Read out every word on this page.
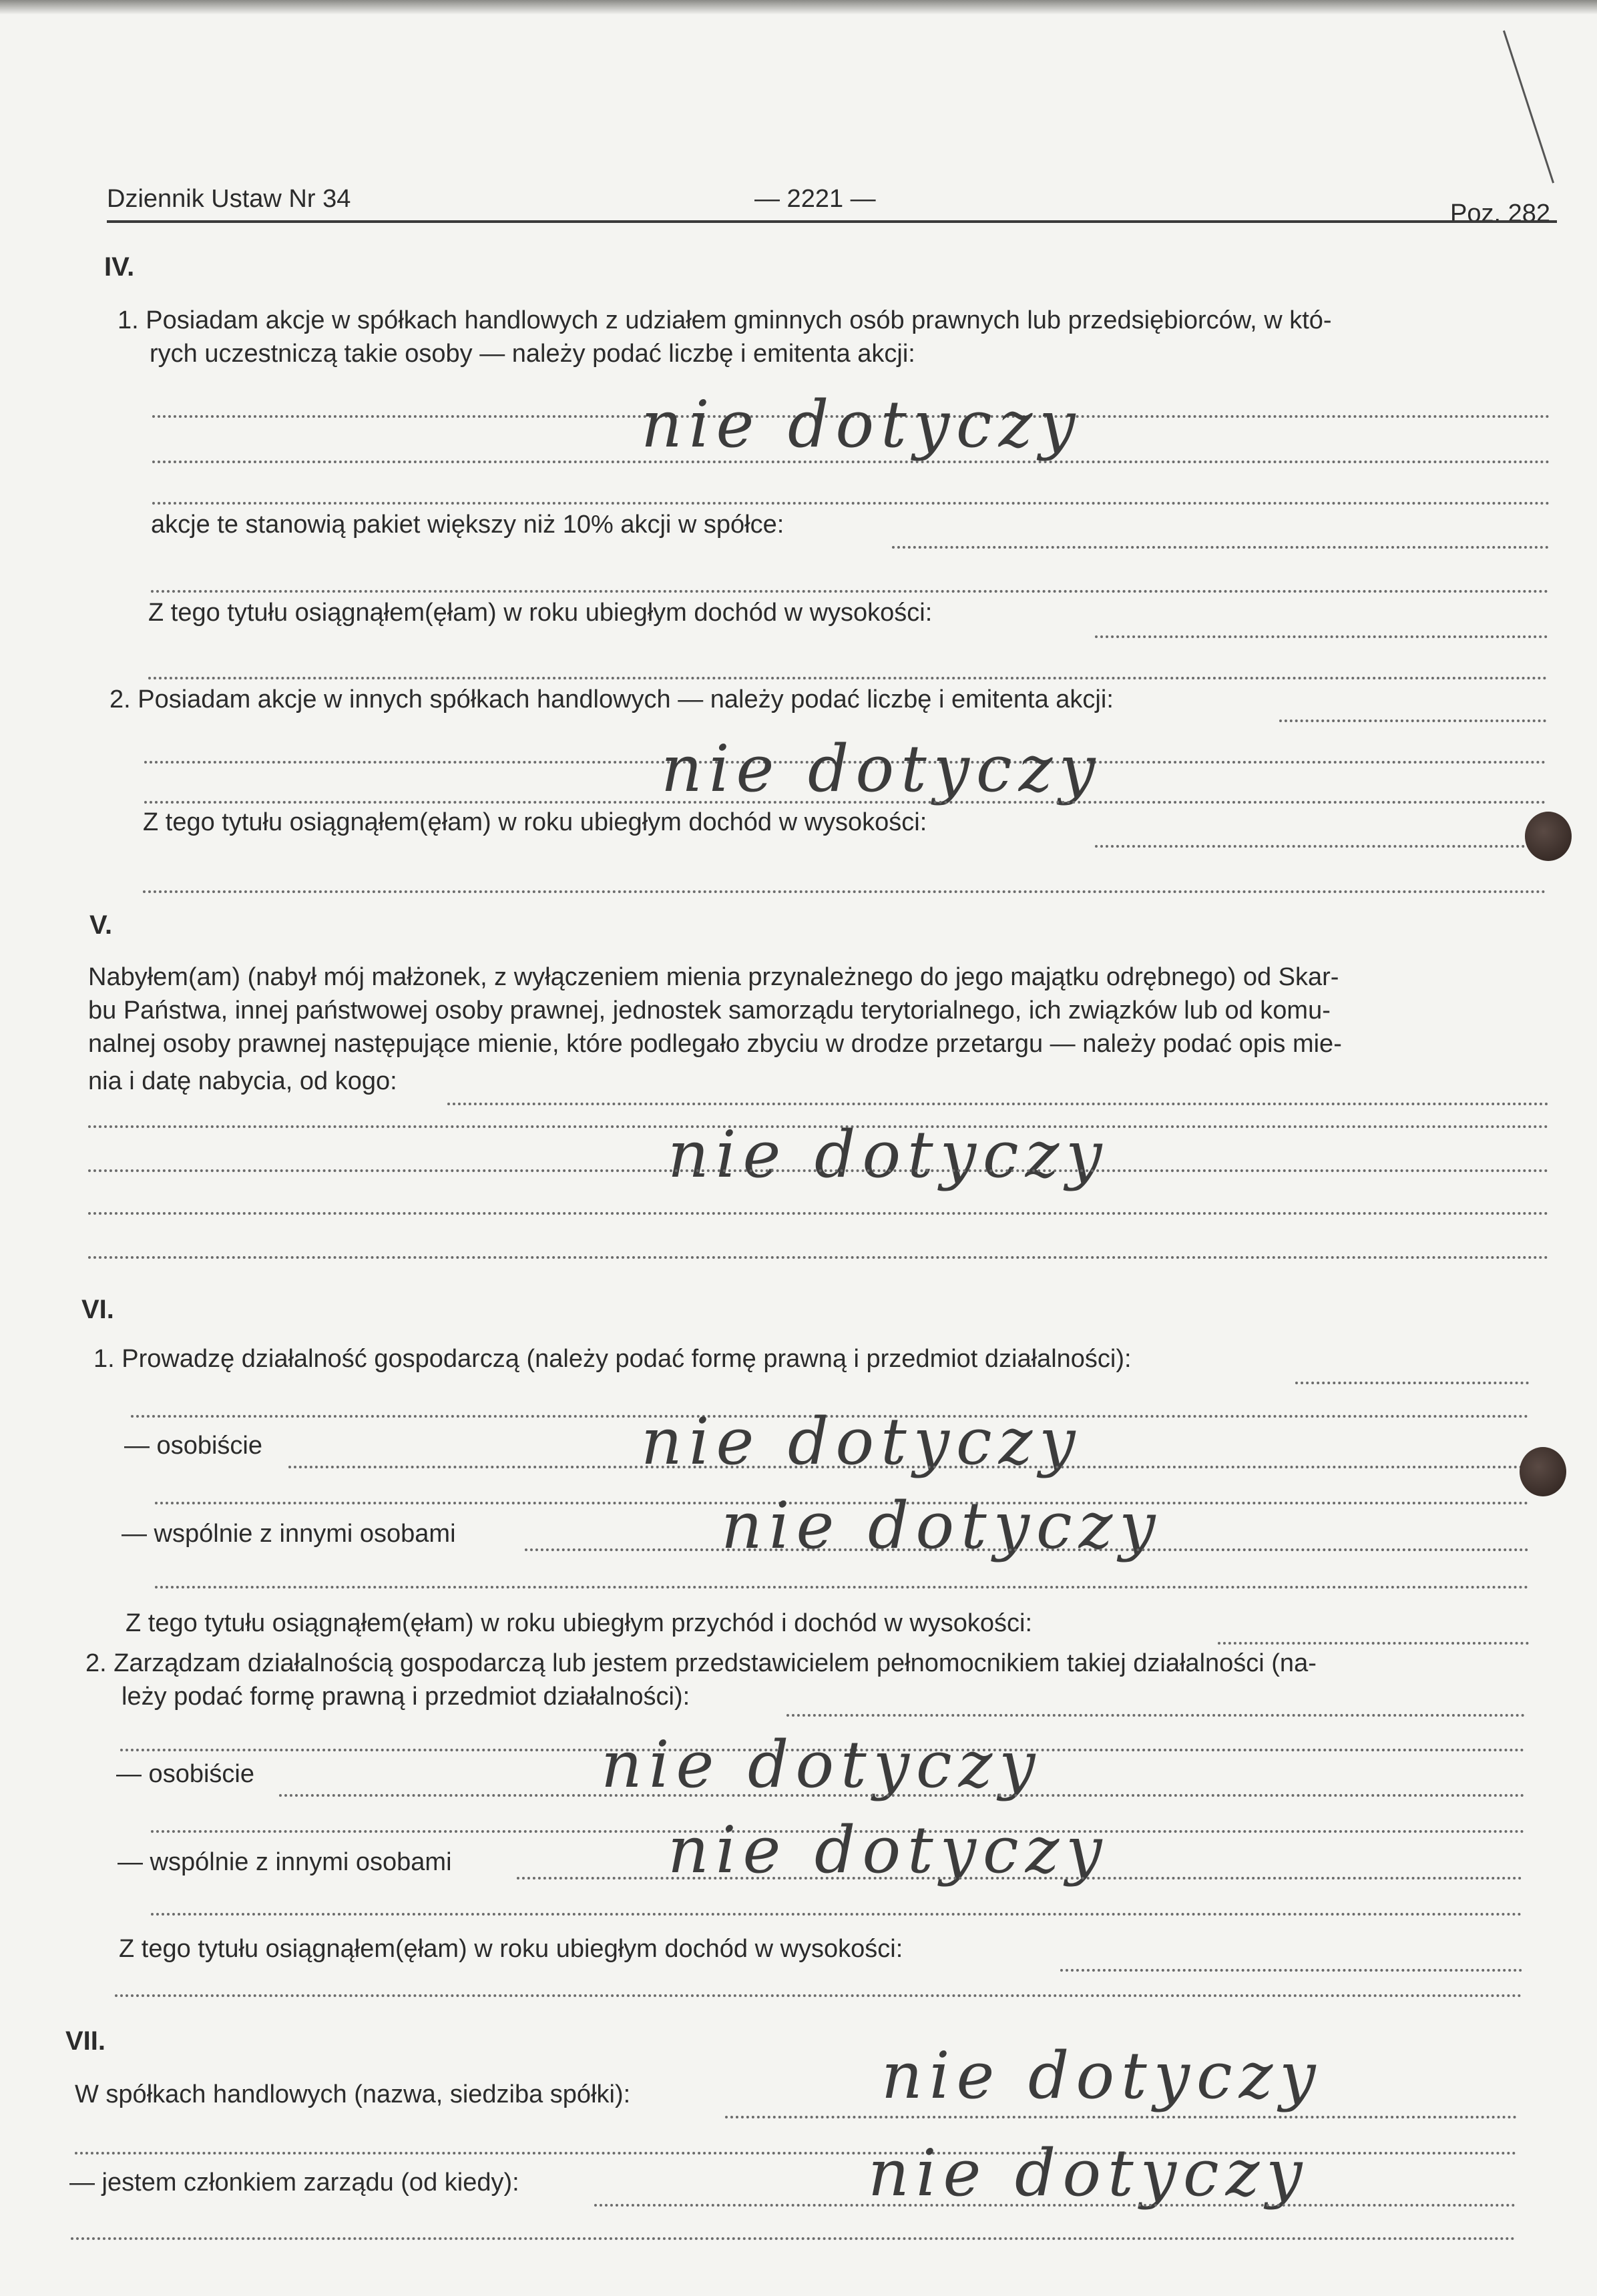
Dziennik Ustaw Nr 34	— 2221 —
Poz. 282
IV.
1. Posiadam akcje w spółkach handlowych z udziałem gminnych osób prawnych lub przedsiębiorców, w któ-
rych uczestniczą takie osoby — należy podać liczbę i emitenta akcji:
nie dotyczy
akcje te stanowią pakiet większy niż 10% akcji w spółce:
Z tego tytułu osiągnąłem(ęłam) w roku ubiegłym dochód w wysokości:
2. Posiadam akcje w innych spółkach handlowych — należy podać liczbę i emitenta akcji:
nie dotyczy
Z tego tytułu osiągnąłem(ęłam) w roku ubiegłym dochód w wysokości:
V.
Nabyłem(am) (nabył mój małżonek, z wyłączeniem mienia przynależnego do jego majątku odrębnego) od Skar-
bu Państwa, innej państwowej osoby prawnej, jednostek samorządu terytorialnego, ich związków lub od komu-
nalnej osoby prawnej następujące mienie, które podlegało zbyciu w drodze przetargu — należy podać opis mie-
nia i datę nabycia, od kogo:
nie dotyczy
VI.
1. Prowadzę działalność gospodarczą (należy podać formę prawną i przedmiot działalności):
— osobiście	nie dotyczy
— wspólnie z innymi osobami	nie dotyczy
Z tego tytułu osiągnąłem(ęłam) w roku ubiegłym przychód i dochód w wysokości:
2. Zarządzam działalnością gospodarczą lub jestem przedstawicielem pełnomocnikiem takiej działalności (na-
leży podać formę prawną i przedmiot działalności):
— osobiście	nie dotyczy
— wspólnie z innymi osobami	nie dotyczy
Z tego tytułu osiągnąłem(ęłam) w roku ubiegłym dochód w wysokości:
VII.
W spółkach handlowych (nazwa, siedziba spółki):	nie dotyczy
— jestem członkiem zarządu (od kiedy):	nie dotyczy
